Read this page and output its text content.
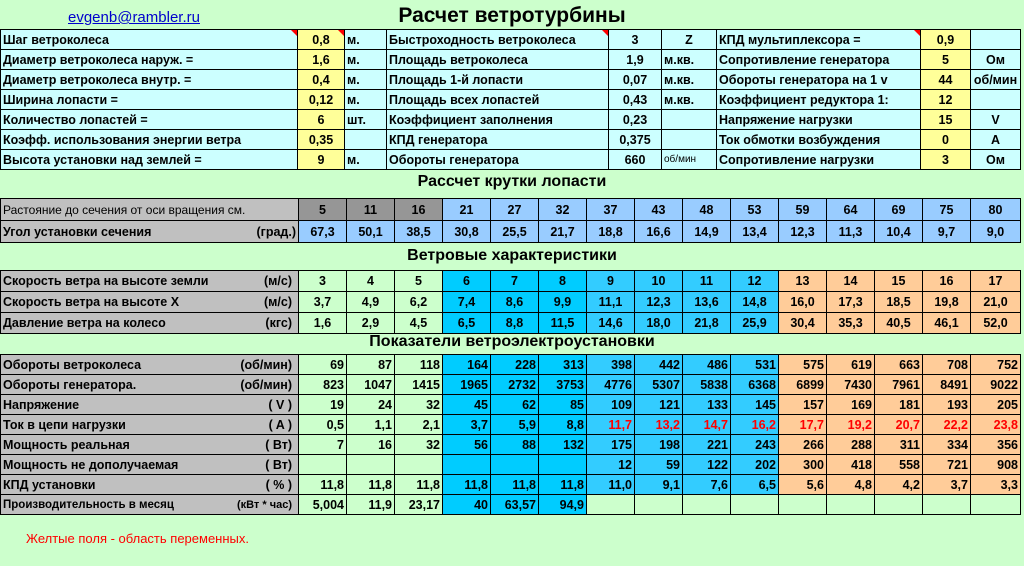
evgenb@rambler.ru	Расчет ветротурбины
Шаг ветроколеса	0,8	м.	Быстроходность ветроколеса	3	Z	КПД мультиплексора =	0,9	
Диаметр ветроколеса наруж. =	1,6	м.	Площадь ветроколеса	1,9	м.кв.	Сопротивление генератора	5	Ом
Диаметр ветроколеса внутр. =	0,4	м.	Площадь 1-й лопасти	0,07	м.кв.	Обороты генератора на 1 v	44	об/мин
Ширина лопасти =	0,12	м.	Площадь всех лопастей	0,43	м.кв.	Коэффициент редуктора 1:	12	
Количество лопастей =	6	шт.	Коэффициент заполнения	0,23		Напряжение нагрузки	15	V
Коэфф. использования энергии ветра	0,35		КПД генератора	0,375		Ток обмотки возбуждения	0	A
Высота установки над землей =	9	м.	Обороты генератора	660	об/мин	Сопротивление нагрузки	3	Ом
Рассчет крутки лопасти
Растояние до сечения от оси вращения см.	5	11	16	21	27	32	37	43	48	53	59	64	69	75	80
Угол установки сечения (град.)	67,3	50,1	38,5	30,8	25,5	21,7	18,8	16,6	14,9	13,4	12,3	11,3	10,4	9,7	9,0
Ветровые характеристики
Скорость ветра на высоте земли (м/с)	3	4	5	6	7	8	9	10	11	12	13	14	15	16	17
Скорость ветра на высоте X (м/с)	3,7	4,9	6,2	7,4	8,6	9,9	11,1	12,3	13,6	14,8	16,0	17,3	18,5	19,8	21,0
Давление ветра на колесо (кгс)	1,6	2,9	4,5	6,5	8,8	11,5	14,6	18,0	21,8	25,9	30,4	35,3	40,5	46,1	52,0
Показатели ветроэлектроустановки
Обороты ветроколеса (об/мин)	69	87	118	164	228	313	398	442	486	531	575	619	663	708	752
Обороты генератора. (об/мин)	823	1047	1415	1965	2732	3753	4776	5307	5838	6368	6899	7430	7961	8491	9022
Напряжение ( V )	19	24	32	45	62	85	109	121	133	145	157	169	181	193	205
Ток в цепи нагрузки ( A )	0,5	1,1	2,1	3,7	5,9	8,8	11,7	13,2	14,7	16,2	17,7	19,2	20,7	22,2	23,8
Мощность реальная ( Вт)	7	16	32	56	88	132	175	198	221	243	266	288	311	334	356
Мощность не дополучаемая ( Вт)							12	59	122	202	300	418	558	721	908
КПД установки ( % )	11,8	11,8	11,8	11,8	11,8	11,8	11,0	9,1	7,6	6,5	5,6	4,8	4,2	3,7	3,3
Производительность в месяц (кВт * час)	5,004	11,9	23,17	40	63,57	94,9									
Желтые поля - область переменных.
